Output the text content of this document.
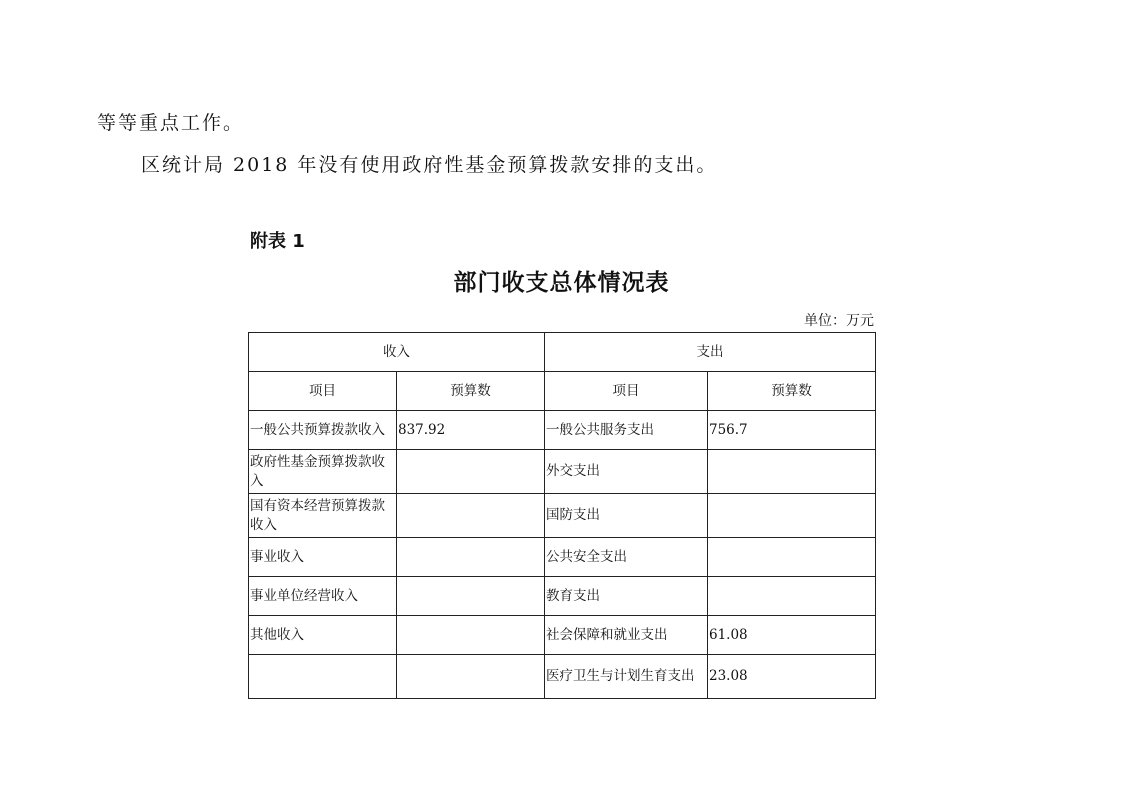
等等重点工作。
区统计局 2018 年没有使用政府性基金预算拨款安排的支出。
附表 1
部门收支总体情况表
单位：万元
收入		支出	
项目	预算数	项目	预算数
一般公共预算拨款收入	837.92	一般公共服务支出	756.7
政府性基金预算拨款收入		外交支出	
国有资本经营预算拨款收入		国防支出	
事业收入		公共安全支出	
事业单位经营收入		教育支出	
其他收入		社会保障和就业支出	61.08
		医疗卫生与计划生育支出	23.08
